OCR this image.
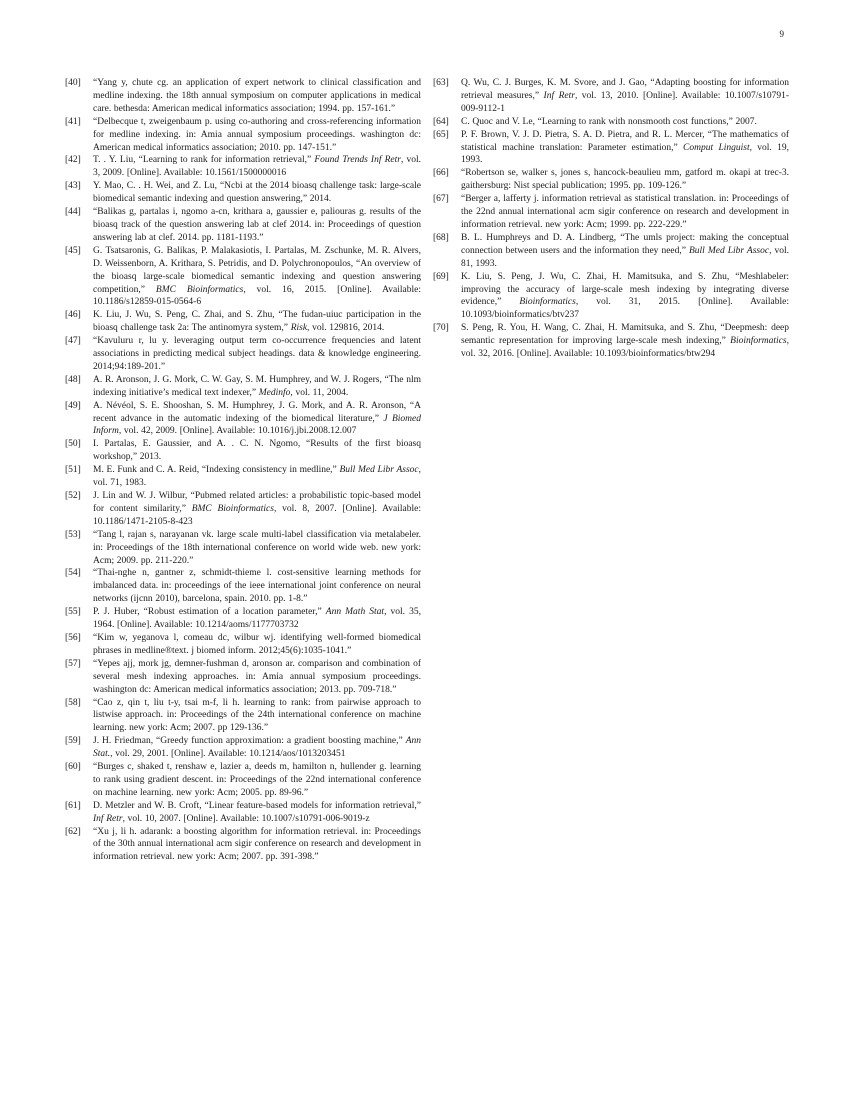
9
[40]	“Yang y, chute cg. an application of expert network to clinical classification and medline indexing. the 18th annual symposium on computer applications in medical care. bethesda: American medical informatics association; 1994. pp. 157-161.”
[41]	“Delbecque t, zweigenbaum p. using co-authoring and cross-referencing information for medline indexing. in: Amia annual symposium proceedings. washington dc: American medical informatics association; 2010. pp. 147-151.”
[42]	T. . Y. Liu, “Learning to rank for information retrieval,” Found Trends Inf Retr, vol. 3, 2009. [Online]. Available: 10.1561/1500000016
[43]	Y. Mao, C. . H. Wei, and Z. Lu, “Ncbi at the 2014 bioasq challenge task: large-scale biomedical semantic indexing and question answering,” 2014.
[44]	“Balikas g, partalas i, ngomo a-cn, krithara a, gaussier e, paliouras g. results of the bioasq track of the question answering lab at clef 2014. in: Proceedings of question answering lab at clef. 2014. pp. 1181-1193.”
[45]	G. Tsatsaronis, G. Balikas, P. Malakasiotis, I. Partalas, M. Zschunke, M. R. Alvers, D. Weissenborn, A. Krithara, S. Petridis, and D. Polychronopoulos, “An overview of the bioasq large-scale biomedical semantic indexing and question answering competition,” BMC Bioinformatics, vol. 16, 2015. [Online]. Available: 10.1186/s12859-015-0564-6
[46]	K. Liu, J. Wu, S. Peng, C. Zhai, and S. Zhu, “The fudan-uiuc participation in the bioasq challenge task 2a: The antinomyra system,” Risk, vol. 129816, 2014.
[47]	“Kavuluru r, lu y. leveraging output term co-occurrence frequencies and latent associations in predicting medical subject headings. data & knowledge engineering. 2014;94:189-201.”
[48]	A. R. Aronson, J. G. Mork, C. W. Gay, S. M. Humphrey, and W. J. Rogers, “The nlm indexing initiative’s medical text indexer,” Medinfo, vol. 11, 2004.
[49]	A. Névéol, S. E. Shooshan, S. M. Humphrey, J. G. Mork, and A. R. Aronson, “A recent advance in the automatic indexing of the biomedical literature,” J Biomed Inform, vol. 42, 2009. [Online]. Available: 10.1016/j.jbi.2008.12.007
[50]	I. Partalas, E. Gaussier, and A. . C. N. Ngomo, “Results of the first bioasq workshop,” 2013.
[51]	M. E. Funk and C. A. Reid, “Indexing consistency in medline,” Bull Med Libr Assoc, vol. 71, 1983.
[52]	J. Lin and W. J. Wilbur, “Pubmed related articles: a probabilistic topic-based model for content similarity,” BMC Bioinformatics, vol. 8, 2007. [Online]. Available: 10.1186/1471-2105-8-423
[53]	“Tang l, rajan s, narayanan vk. large scale multi-label classification via metalabeler. in: Proceedings of the 18th international conference on world wide web. new york: Acm; 2009. pp. 211-220.”
[54]	“Thai-nghe n, gantner z, schmidt-thieme l. cost-sensitive learning methods for imbalanced data. in: proceedings of the ieee international joint conference on neural networks (ijcnn 2010), barcelona, spain. 2010. pp. 1-8.”
[55]	P. J. Huber, “Robust estimation of a location parameter,” Ann Math Stat, vol. 35, 1964. [Online]. Available: 10.1214/aoms/1177703732
[56]	“Kim w, yeganova l, comeau dc, wilbur wj. identifying well-formed biomedical phrases in medline®text. j biomed inform. 2012;45(6):1035-1041.”
[57]	“Yepes ajj, mork jg, demner-fushman d, aronson ar. comparison and combination of several mesh indexing approaches. in: Amia annual symposium proceedings. washington dc: American medical informatics association; 2013. pp. 709-718.”
[58]	“Cao z, qin t, liu t-y, tsai m-f, li h. learning to rank: from pairwise approach to listwise approach. in: Proceedings of the 24th international conference on machine learning. new york: Acm; 2007. pp 129-136.”
[59]	J. H. Friedman, “Greedy function approximation: a gradient boosting machine,” Ann Stat., vol. 29, 2001. [Online]. Available: 10.1214/aos/1013203451
[60]	“Burges c, shaked t, renshaw e, lazier a, deeds m, hamilton n, hullender g. learning to rank using gradient descent. in: Proceedings of the 22nd international conference on machine learning. new york: Acm; 2005. pp. 89-96.”
[61]	D. Metzler and W. B. Croft, “Linear feature-based models for information retrieval,” Inf Retr, vol. 10, 2007. [Online]. Available: 10.1007/s10791-006-9019-z
[62]	“Xu j, li h. adarank: a boosting algorithm for information retrieval. in: Proceedings of the 30th annual international acm sigir conference on research and development in information retrieval. new york: Acm; 2007. pp. 391-398.”
[63]	Q. Wu, C. J. Burges, K. M. Svore, and J. Gao, “Adapting boosting for information retrieval measures,” Inf Retr, vol. 13, 2010. [Online]. Available: 10.1007/s10791-009-9112-1
[64]	C. Quoc and V. Le, “Learning to rank with nonsmooth cost functions,” 2007.
[65]	P. F. Brown, V. J. D. Pietra, S. A. D. Pietra, and R. L. Mercer, “The mathematics of statistical machine translation: Parameter estimation,” Comput Linguist, vol. 19, 1993.
[66]	“Robertson se, walker s, jones s, hancock-beaulieu mm, gatford m. okapi at trec-3. gaithersburg: Nist special publication; 1995. pp. 109-126.”
[67]	“Berger a, lafferty j. information retrieval as statistical translation. in: Proceedings of the 22nd annual international acm sigir conference on research and development in information retrieval. new york: Acm; 1999. pp. 222-229.”
[68]	B. L. Humphreys and D. A. Lindberg, “The umls project: making the conceptual connection between users and the information they need,” Bull Med Libr Assoc, vol. 81, 1993.
[69]	K. Liu, S. Peng, J. Wu, C. Zhai, H. Mamitsuka, and S. Zhu, “Meshlabeler: improving the accuracy of large-scale mesh indexing by integrating diverse evidence,” Bioinformatics, vol. 31, 2015. [Online]. Available: 10.1093/bioinformatics/btv237
[70]	S. Peng, R. You, H. Wang, C. Zhai, H. Mamitsuka, and S. Zhu, “Deepmesh: deep semantic representation for improving large-scale mesh indexing,” Bioinformatics, vol. 32, 2016. [Online]. Available: 10.1093/bioinformatics/btw294
